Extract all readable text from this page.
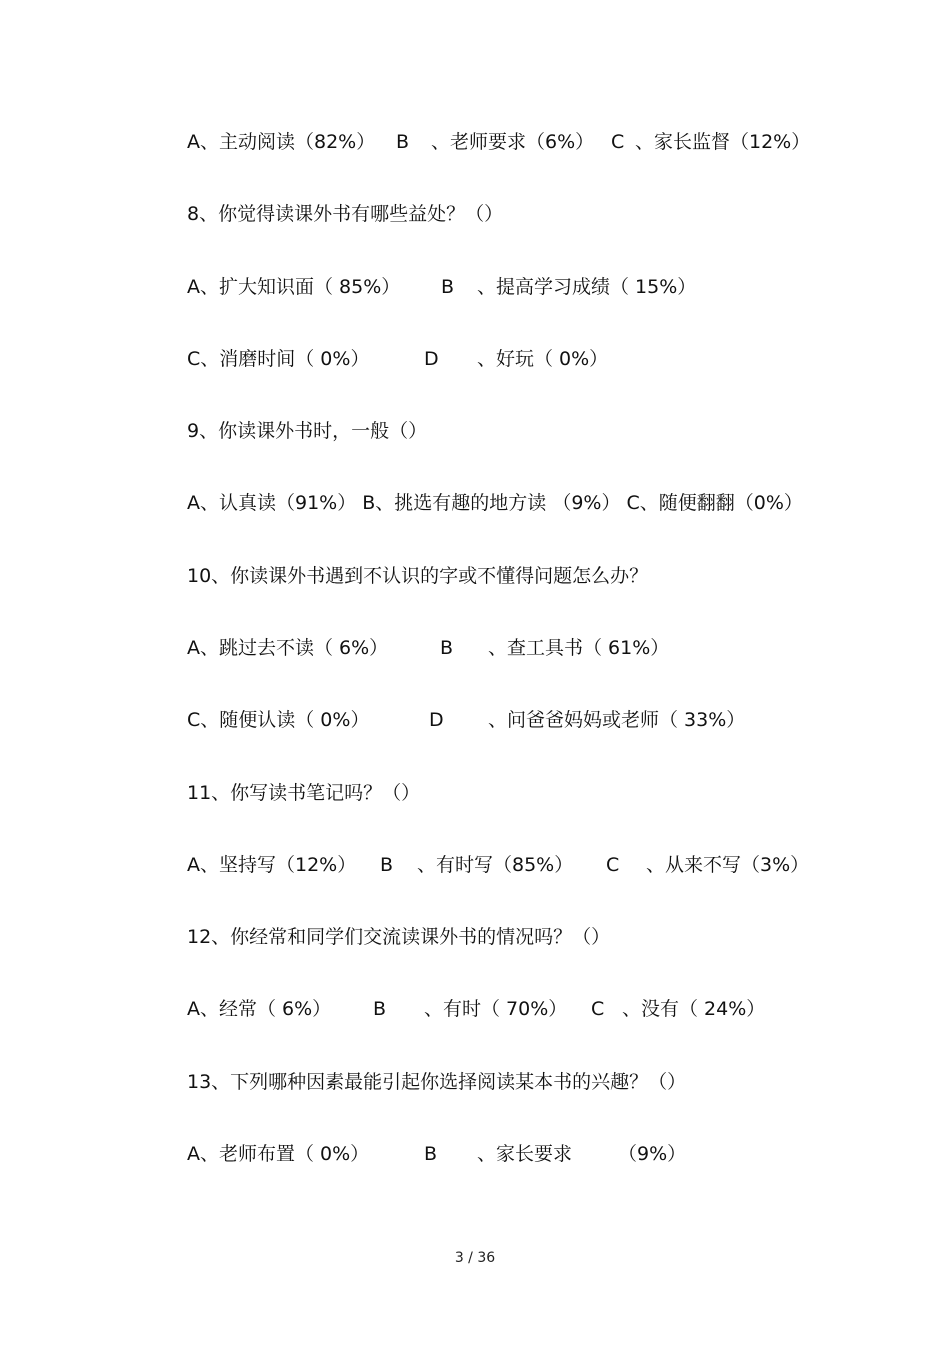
A、主动阅读（82%） B 、老师要求（6%） C 、家长监督（12%）
8、你觉得读课外书有哪些益处？（）
A、扩大知识面（ 85%） B 、提高学习成绩（ 15%）
C、消磨时间（ 0%）	D 、好玩（ 0%）
9、你读课外书时，一般（）
A、认真读（91%） B、挑选有趣的地方读 （9%） C、随便翻翻（0%）
10、你读课外书遇到不认识的字或不懂得问题怎么办？
A、跳过去不读（ 6%）	B 、查工具书（ 61%）
C、随便认读（ 0%）	D 、问爸爸妈妈或老师（ 33%）
11、你写读书笔记吗？（）
A、坚持写（12%） B 、有时写（85%） C 、从来不写（3%）
12、你经常和同学们交流读课外书的情况吗？（）
A、经常（ 6%） B 、有时（ 70%） C 、没有（ 24%）
13、下列哪种因素最能引起你选择阅读某本书的兴趣？（）
A、老师布置（ 0%）	B 、家长要求 （9%）
3 / 36
